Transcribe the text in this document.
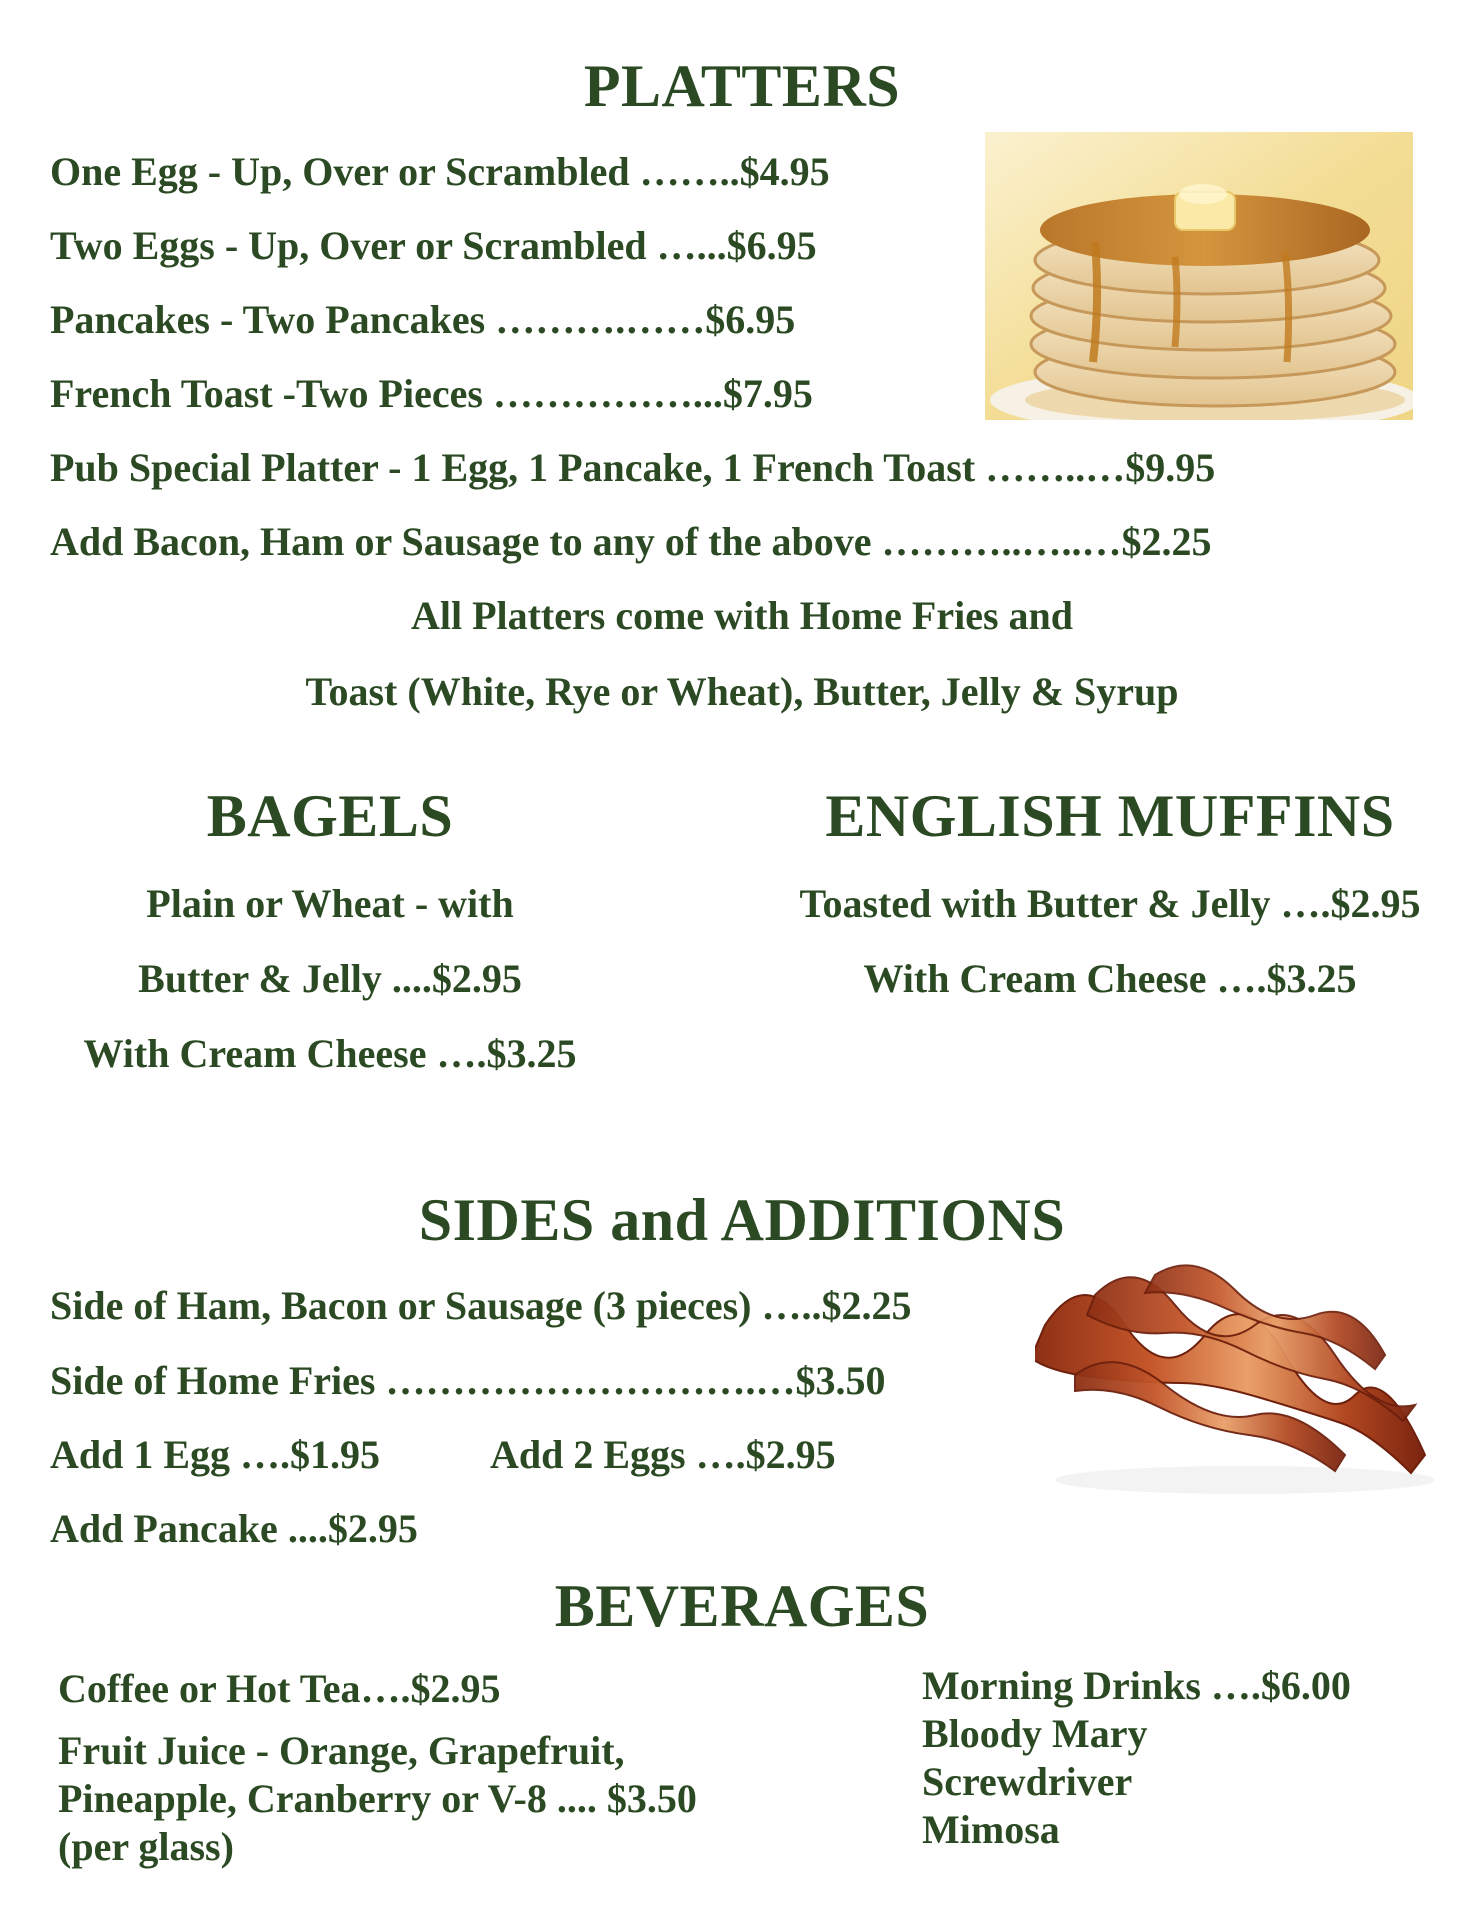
PLATTERS
One Egg - Up, Over or Scrambled ……..$4.95
Two Eggs - Up, Over or Scrambled …...$6.95
Pancakes - Two Pancakes ……….……$6.95
French Toast -Two Pieces ……………...$7.95
Pub Special Platter - 1 Egg, 1 Pancake, 1 French Toast ……..…$9.95
Add Bacon, Ham or Sausage to any of the above ………..…..…$2.25
All Platters come with Home Fries and
Toast (White, Rye or Wheat), Butter, Jelly & Syrup
BAGELS
Plain or Wheat - with
Butter & Jelly ....$2.95
With Cream Cheese ….$3.25
ENGLISH MUFFINS
Toasted with Butter & Jelly ….$2.95
With Cream Cheese ….$3.25
SIDES and ADDITIONS
Side of Ham, Bacon or Sausage (3 pieces) …..$2.25
Side of Home Fries ……………………….…$3.50
Add 1 Egg ….$1.95	Add 2 Eggs ….$2.95
Add Pancake ....$2.95
BEVERAGES
Coffee or Hot Tea….$2.95
Fruit Juice - Orange, Grapefruit,
Pineapple, Cranberry or V-8 .... $3.50
(per glass)
Morning Drinks ….$6.00
Bloody Mary
Screwdriver
Mimosa
